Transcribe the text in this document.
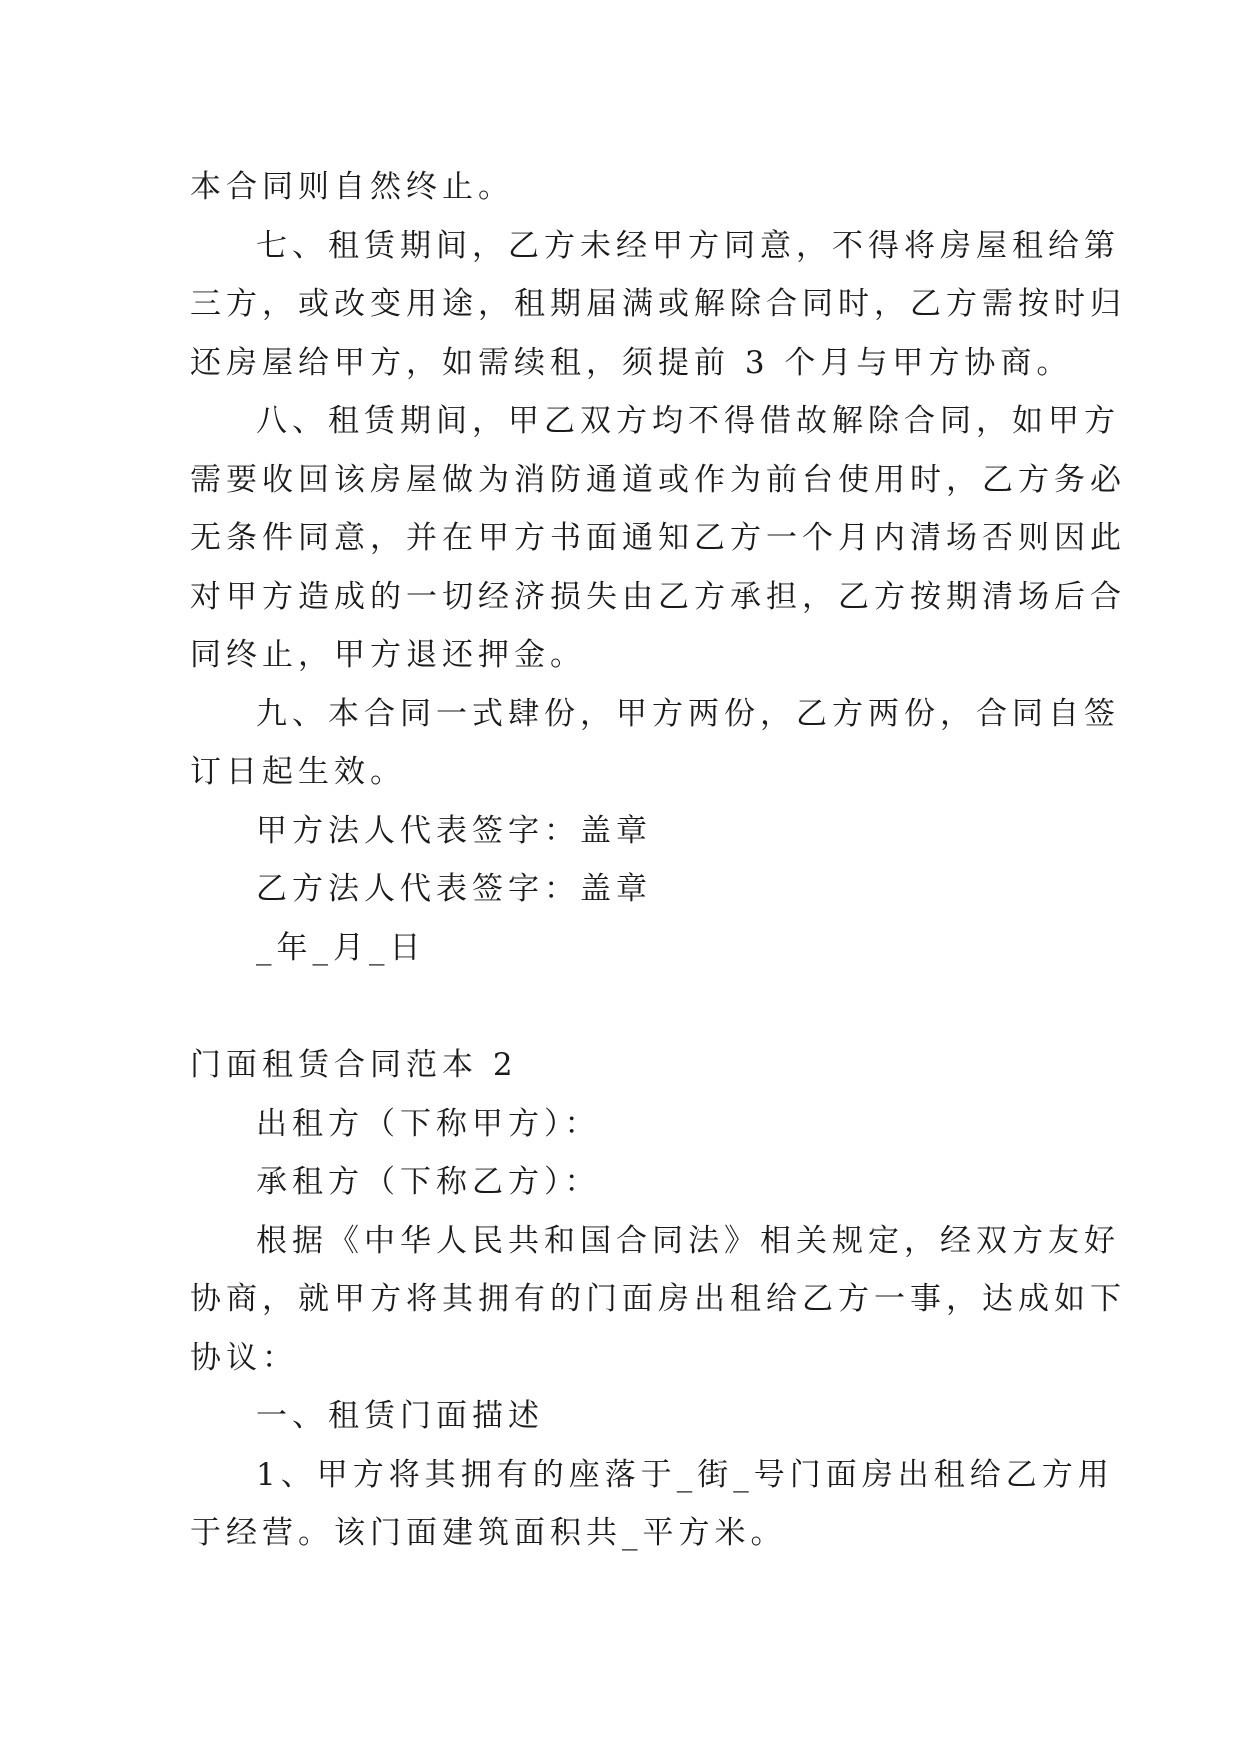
本合同则自然终止。
七、租赁期间，乙方未经甲方同意，不得将房屋租给第
三方，或改变用途，租期届满或解除合同时，乙方需按时归
还房屋给甲方，如需续租，须提前 3 个月与甲方协商。
八、租赁期间，甲乙双方均不得借故解除合同，如甲方
需要收回该房屋做为消防通道或作为前台使用时，乙方务必
无条件同意，并在甲方书面通知乙方一个月内清场否则因此
对甲方造成的一切经济损失由乙方承担，乙方按期清场后合
同终止，甲方退还押金。
九、本合同一式肆份，甲方两份，乙方两份，合同自签
订日起生效。
甲方法人代表签字：盖章
乙方法人代表签字：盖章
_年_月_日
门面租赁合同范本 2
出租方（下称甲方）：
承租方（下称乙方）：
根据《中华人民共和国合同法》相关规定，经双方友好
协商，就甲方将其拥有的门面房出租给乙方一事，达成如下
协议：
一、租赁门面描述
1、甲方将其拥有的座落于_街_号门面房出租给乙方用
于经营。该门面建筑面积共_平方米。
